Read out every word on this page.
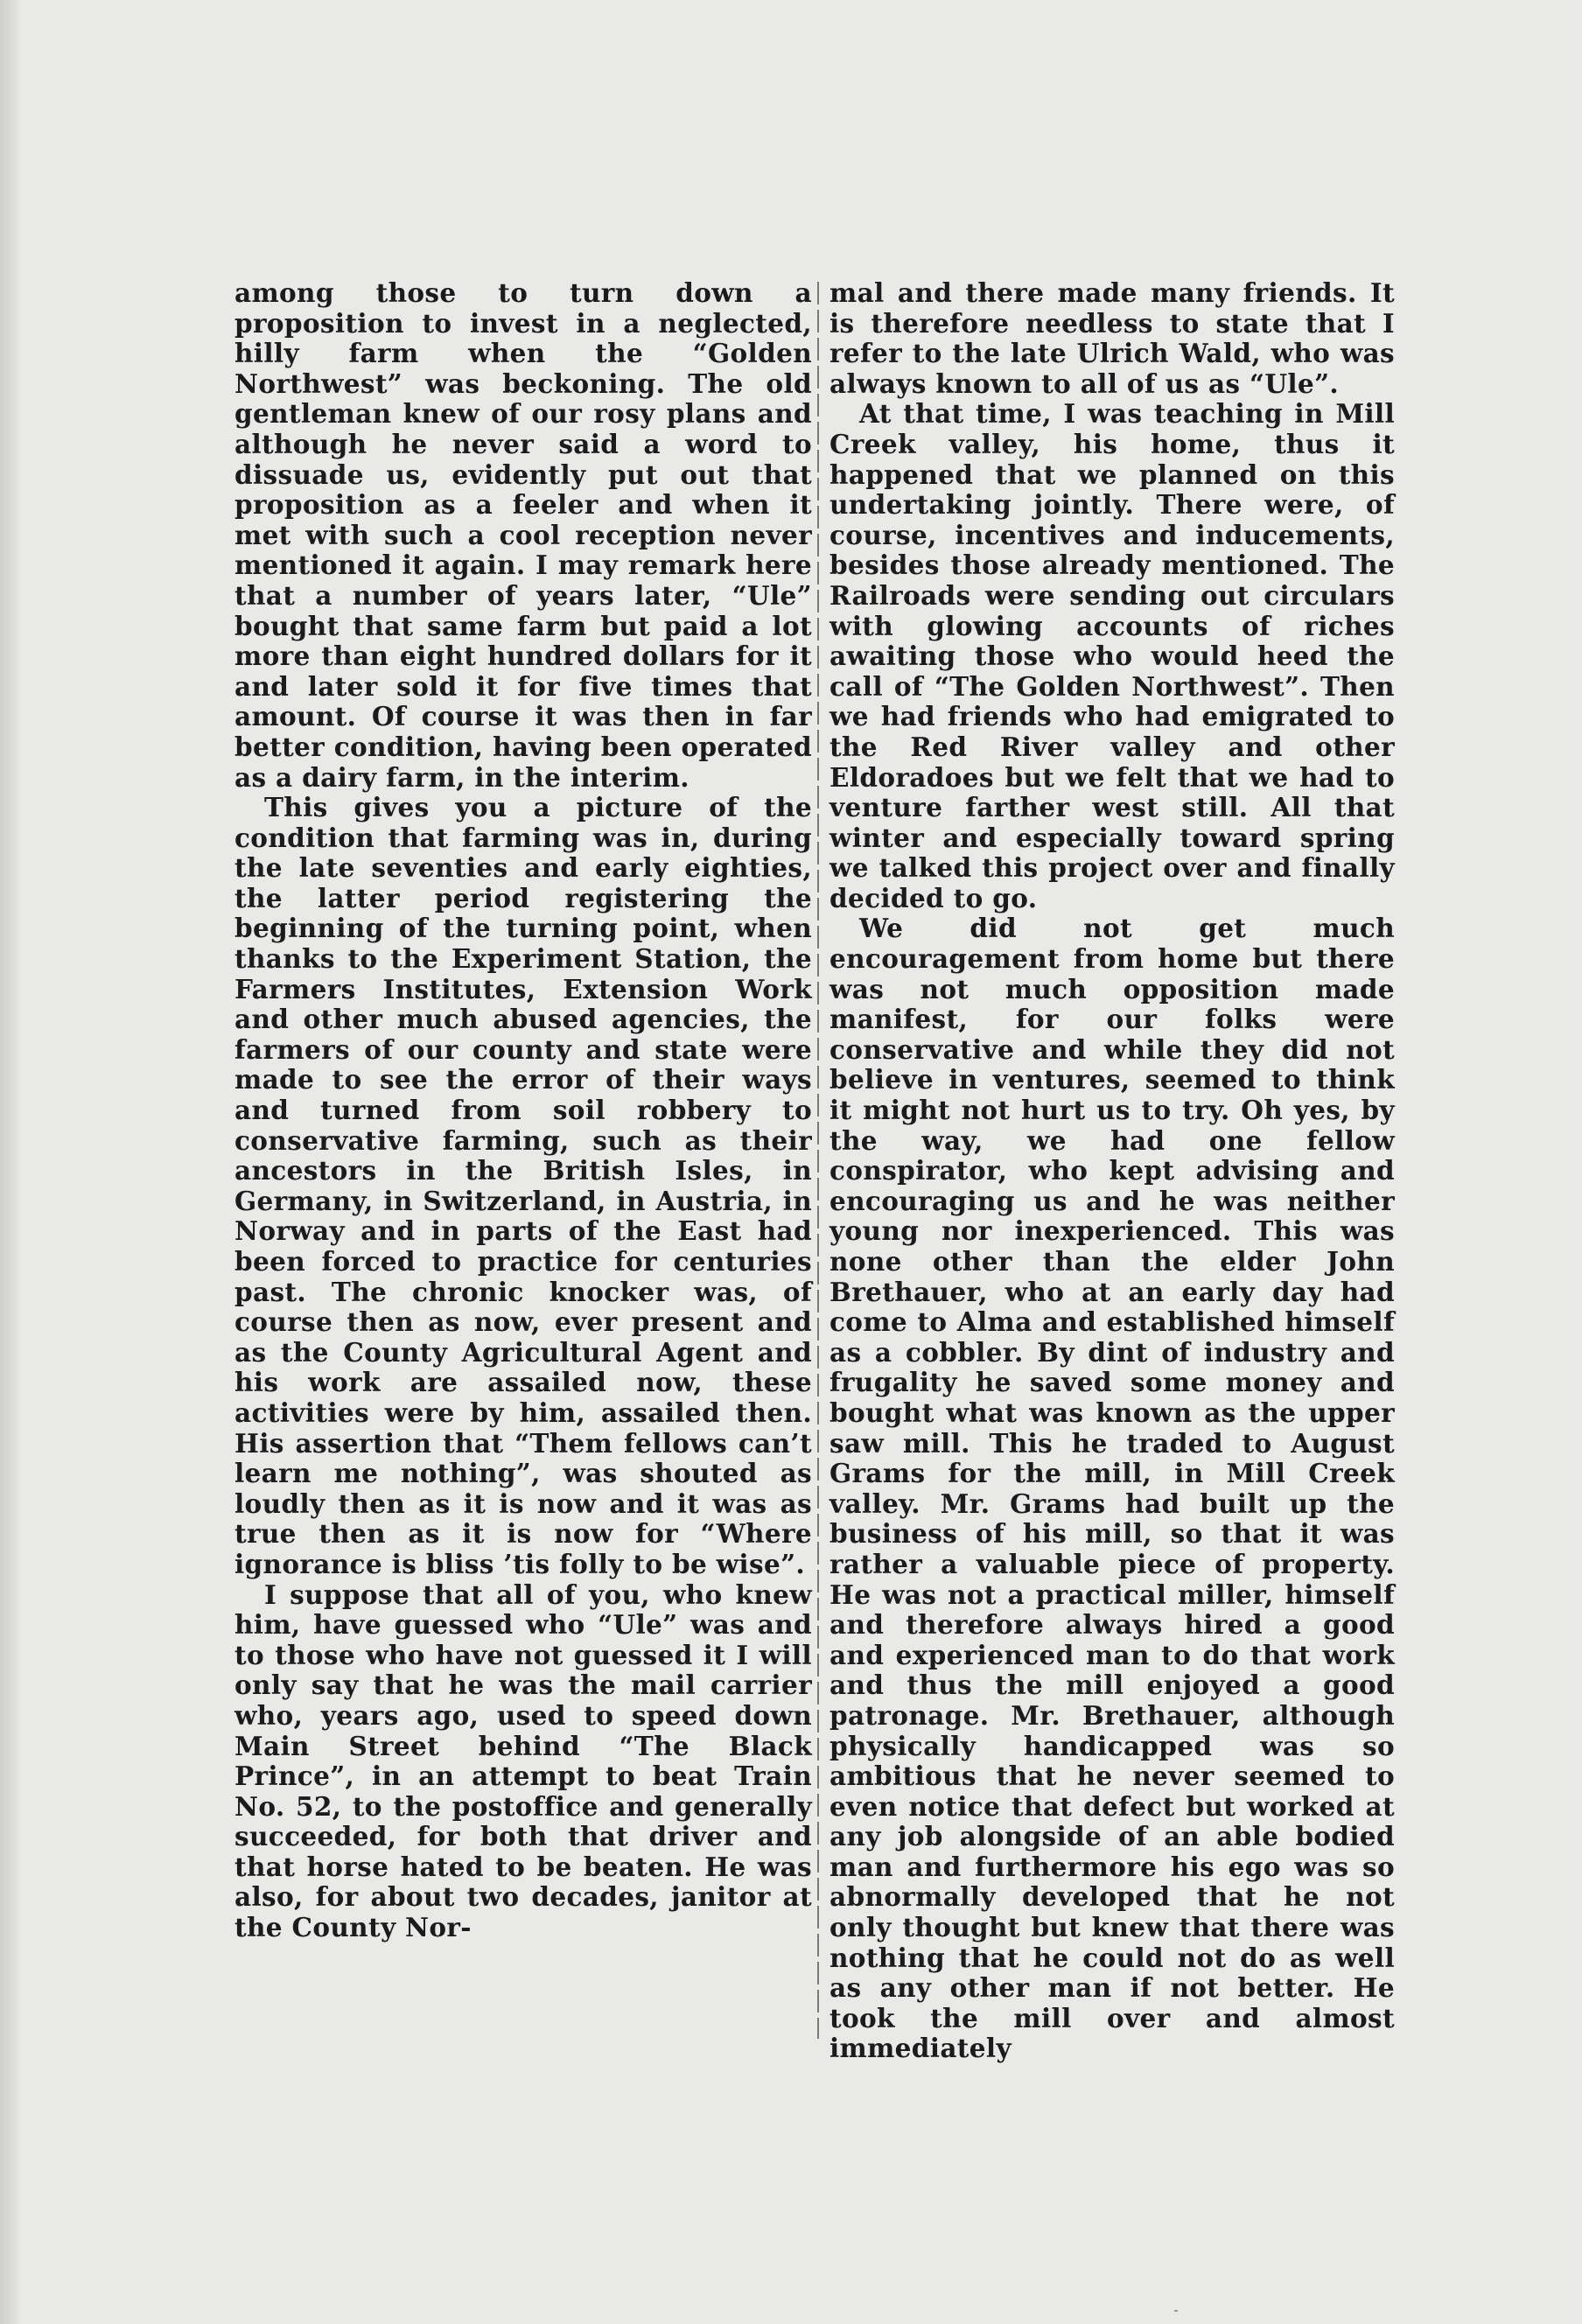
among those to turn down a proposition to invest in a neglected, hilly farm when the “Golden Northwest” was beckoning. The old gentleman knew of our rosy plans and although he never said a word to dissuade us, evidently put out that proposition as a feeler and when it met with such a cool reception never mentioned it again. I may remark here that a number of years later, “Ule” bought that same farm but paid a lot more than eight hundred dollars for it and later sold it for five times that amount. Of course it was then in far better condition, having been operated as a dairy farm, in the interim.

This gives you a picture of the condition that farming was in, during the late seventies and early eighties, the latter period registering the beginning of the turning point, when thanks to the Experiment Station, the Farmers Institutes, Extension Work and other much abused agencies, the farmers of our county and state were made to see the error of their ways and turned from soil robbery to conservative farming, such as their ancestors in the British Isles, in Germany, in Switzerland, in Austria, in Norway and in parts of the East had been forced to practice for centuries past. The chronic knocker was, of course then as now, ever present and as the County Agricultural Agent and his work are assailed now, these activities were by him, assailed then. His assertion that “Them fellows can’t learn me nothing”, was shouted as loudly then as it is now and it was as true then as it is now for “Where ignorance is bliss ’tis folly to be wise”.

I suppose that all of you, who knew him, have guessed who “Ule” was and to those who have not guessed it I will only say that he was the mail carrier who, years ago, used to speed down Main Street behind “The Black Prince”, in an attempt to beat Train No. 52, to the postoffice and generally succeeded, for both that driver and that horse hated to be beaten. He was also, for about two decades, janitor at the County Nor-

mal and there made many friends. It is therefore needless to state that I refer to the late Ulrich Wald, who was always known to all of us as “Ule”.

At that time, I was teaching in Mill Creek valley, his home, thus it happened that we planned on this undertaking jointly. There were, of course, incentives and inducements, besides those already mentioned. The Railroads were sending out circulars with glowing accounts of riches awaiting those who would heed the call of “The Golden Northwest”. Then we had friends who had emigrated to the Red River valley and other Eldoradoes but we felt that we had to venture farther west still. All that winter and especially toward spring we talked this project over and finally decided to go.

We did not get much encouragement from home but there was not much opposition made manifest, for our folks were conservative and while they did not believe in ventures, seemed to think it might not hurt us to try. Oh yes, by the way, we had one fellow conspirator, who kept advising and encouraging us and he was neither young nor inexperienced. This was none other than the elder John Brethauer, who at an early day had come to Alma and established himself as a cobbler. By dint of industry and frugality he saved some money and bought what was known as the upper saw mill. This he traded to August Grams for the mill, in Mill Creek valley. Mr. Grams had built up the business of his mill, so that it was rather a valuable piece of property. He was not a practical miller, himself and therefore always hired a good and experienced man to do that work and thus the mill enjoyed a good patronage. Mr. Brethauer, although physically handicapped was so ambitious that he never seemed to even notice that defect but worked at any job alongside of an able bodied man and furthermore his ego was so abnormally developed that he not only thought but knew that there was nothing that he could not do as well as any other man if not better. He took the mill over and almost immediately
